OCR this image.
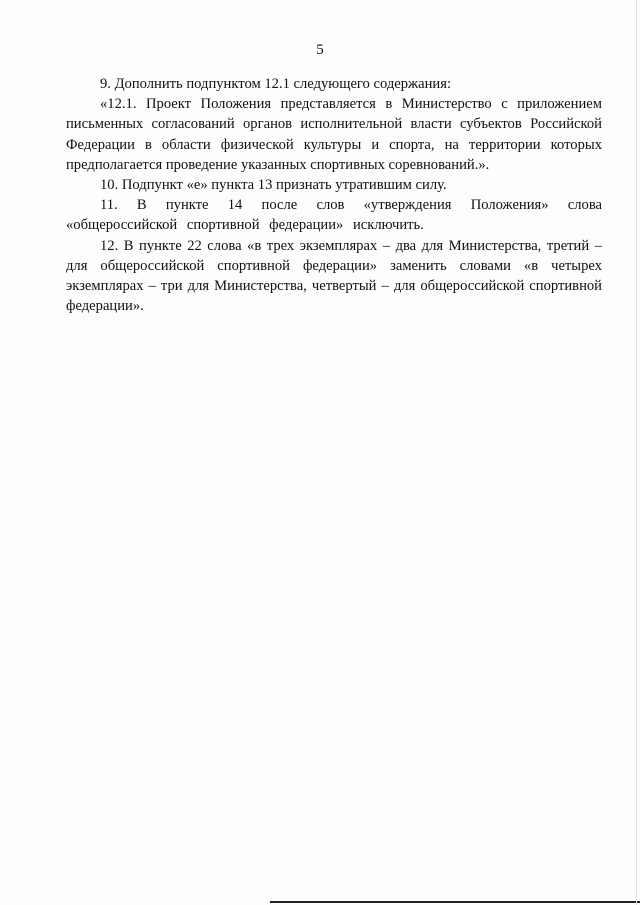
5

9. Дополнить подпунктом 12.1 следующего содержания:

«12.1. Проект Положения представляется в Министерство с приложением письменных согласований органов исполнительной власти субъектов Российской Федерации в области физической культуры и спорта, на территории которых предполагается проведение указанных спортивных соревнований.».

10. Подпункт «е» пункта 13 признать утратившим силу.

11. В пункте 14 после слов «утверждения Положения» слова «общероссийской спортивной федерации» исключить.

12. В пункте 22 слова «в трех экземплярах – два для Министерства, третий – для общероссийской спортивной федерации» заменить словами «в четырех экземплярах – три для Министерства, четвертый – для общероссийской спортивной федерации».
